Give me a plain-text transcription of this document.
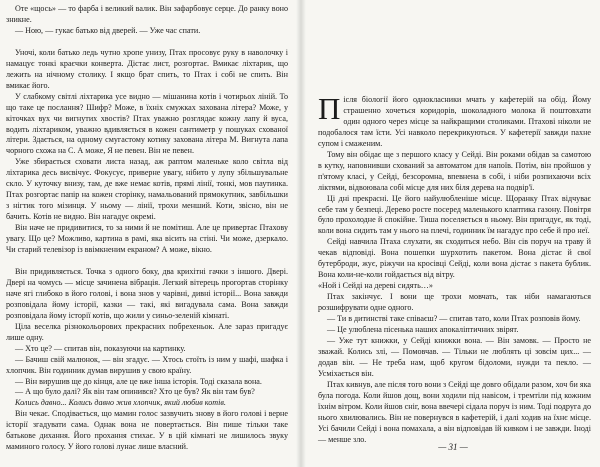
Оте «щось» — то фарба і великий валик. Він зафарбовує серце. До ранку воно зникне.

— Ною, — гукає батько від дверей. — Уже час спати.

Уночі, коли батько ледь чутно хропе унизу, Птах просовує руку в наволочку і намацує тонкі краєчки конверта. Дістає лист, розгортає. Вмикає ліхтарик, що лежить на нічному столику. І якщо брат спить, то Птах і собі не спить. Він вмикає його.

У слабкому світлі ліхтарика усе видно — мішанина котів і чотирьох ліній. То що таке це послання? Шифр? Може, в їхніх смужках захована літера? Може, у кіточках вух чи вигнутих хвостів? Птах уважно розглядає кожну лапу й вуса, водить ліхтариком, уважно вдивляється в кожен сантиметр у пошуках схованої літери. Здається, на одному смугастому котику захована літера М. Вигнута лапа чорного схожа на С. А може, Я не певен. Він не певен.

Уже збирається сховати листа назад, аж раптом маленьке коло світла від ліхтарика десь висвічує. Фокусує, приверне увагу, нібито у лупу збільшувальне скло. У куточку внизу, там, де вже немає котів, прямі лінії, тонкі, мов паутинка. Птах розгортає папір на кожен сторінку, намальований прямокутник, завбільшки з нігтик того мізинця. У ньому — лінії, трохи менший. Коти, звісно, він не бачить. Котів не видно. Він нагадує окремі.

Він наче не придивитися, то за ними й не помітиш. Але це привертає Птахову увагу. Що це? Можливо, картина в рамі, яка вісить на стіні. Чи може, дзеркало. Чи старий телевізор із ввімкненим екраном? А може, вікно.

Він придивляється. Точка з одного боку, два крихітні гачки з іншого. Двері. Двері на чомусь — місце зачинена вібрація. Легкий вітерець прогортав сторінку наче ягі глибоко в його голові, і вона знов у чарівні, дивні історії... Вона завжди розповідала йому історії, казки — такі, які вигадувала сама. Вона завжди розповідала йому історії котів, що жили у синьо-зеленій кімнаті.

Ціла веселка різнокольорових прекрасних побрехеньок. Але зараз пригадує лише одну.

— Хто це? — спитав він, показуючи на картинку.

— Бачиш свій малюнок, — він згадує. — Хтось стоїть із ним у шафі, шафка і хлопчик. Він годинник думав вирушив у свою країну.

— Він вирушив ще до кінця, але це вже інша історія. Тоді сказала вона.

— А що було далі? Як він там опинився? Хто це був? Як він там був?

Колись давно... Колись давно жив хлопчик, який любив котів.

Він чекає. Сподівається, що мамин голос зазвучить знову в його голові і верне історії згадувати сама. Однак вона не повертається. Він пише тільки таке батькове дихання. Його прохання стихає. У в цій кімнаті не лишилось звуку маминого голосу. У його голові лунає лише власний.

Після біології його однокласники мчать у кафетерій на обід. Йому страшенно хочеться коридорів, шоколадного молока й поштовхати один одного через місце за найкращими столиками. Птахові ніколи не подобалося там їсти. Усі навколо перекрикуються. У кафетерії завжди пахне супом і смаженим.

Тому він обідає ще з першого класу у Сейді. Він роками обідав за самотою в кутку, наповнивши схований за автоматом для напоїв. Потім, він пройшов у п'ятому класі, у Сейді, безсоромна, впевнена в собі, і ніби розпихаючи всіх ліктями, відвоювала собі місце для них біля дерева на подвір'ї.

Ці дні прекрасні. Це його найулюбленіше місце. Щоранку Птах відчуває себе там у безпеці. Дерево росте посеред маленького клаптика газону. Повітря було прохолодне й спокійне. Тиша поселяється в ньому. Він пригадує, як тоді, коли вона сидить там у нього на плечі, годинник їм нагадує про себе й про неї.

Сейді навчила Птаха слухати, як сходиться небо. Він сів поруч на траву й чекав відповіді. Вона пошепки шурхотить пакетом. Вона дістає й свої бутерброди, жує, ріжучи на кросівці Сейді, коли вона дістає з пакета бублик. Вона коли-не-коли гойдається від вітру.

«Ной і Сейді на дереві сидять…»

Птах закінчує. І вони ще трохи мовчать, так ніби намагаються розшифрувати одне одного.

— Ти в дитинстві таке співаєш? — спитав тато, коли Птах розповів йому.

— Це улюблена пісенька наших апокаліптичних звірят.

— Уже тут книжки, у Сейді книжки вона. — Він замовк. — Просто не зважай. Колись злі, — Помовчав. — Тільки не люблять ці зовсім цих... — додав він. — Не треба нам, щоб кругом бідоломи, нужди та пекло. — Усміхається він.

Птах кивнув, але після того вони з Сейді ще довго обідали разом, хоч би яка була погода. Коли йшов дощ, вони ходили під навісом, і тремтіли під кожним їхнім вітром. Коли йшов сніг, вона ввечері сідала поруч із ним. Тоді подруга до нього хвилювались. Він не повернувся в кафетерій, і далі ходив на їхнє місце. Усі бачили Сейді і вона помахала, а він відповідав їй кивком і не завжди. Іноді — менше зло.

— 31 —
